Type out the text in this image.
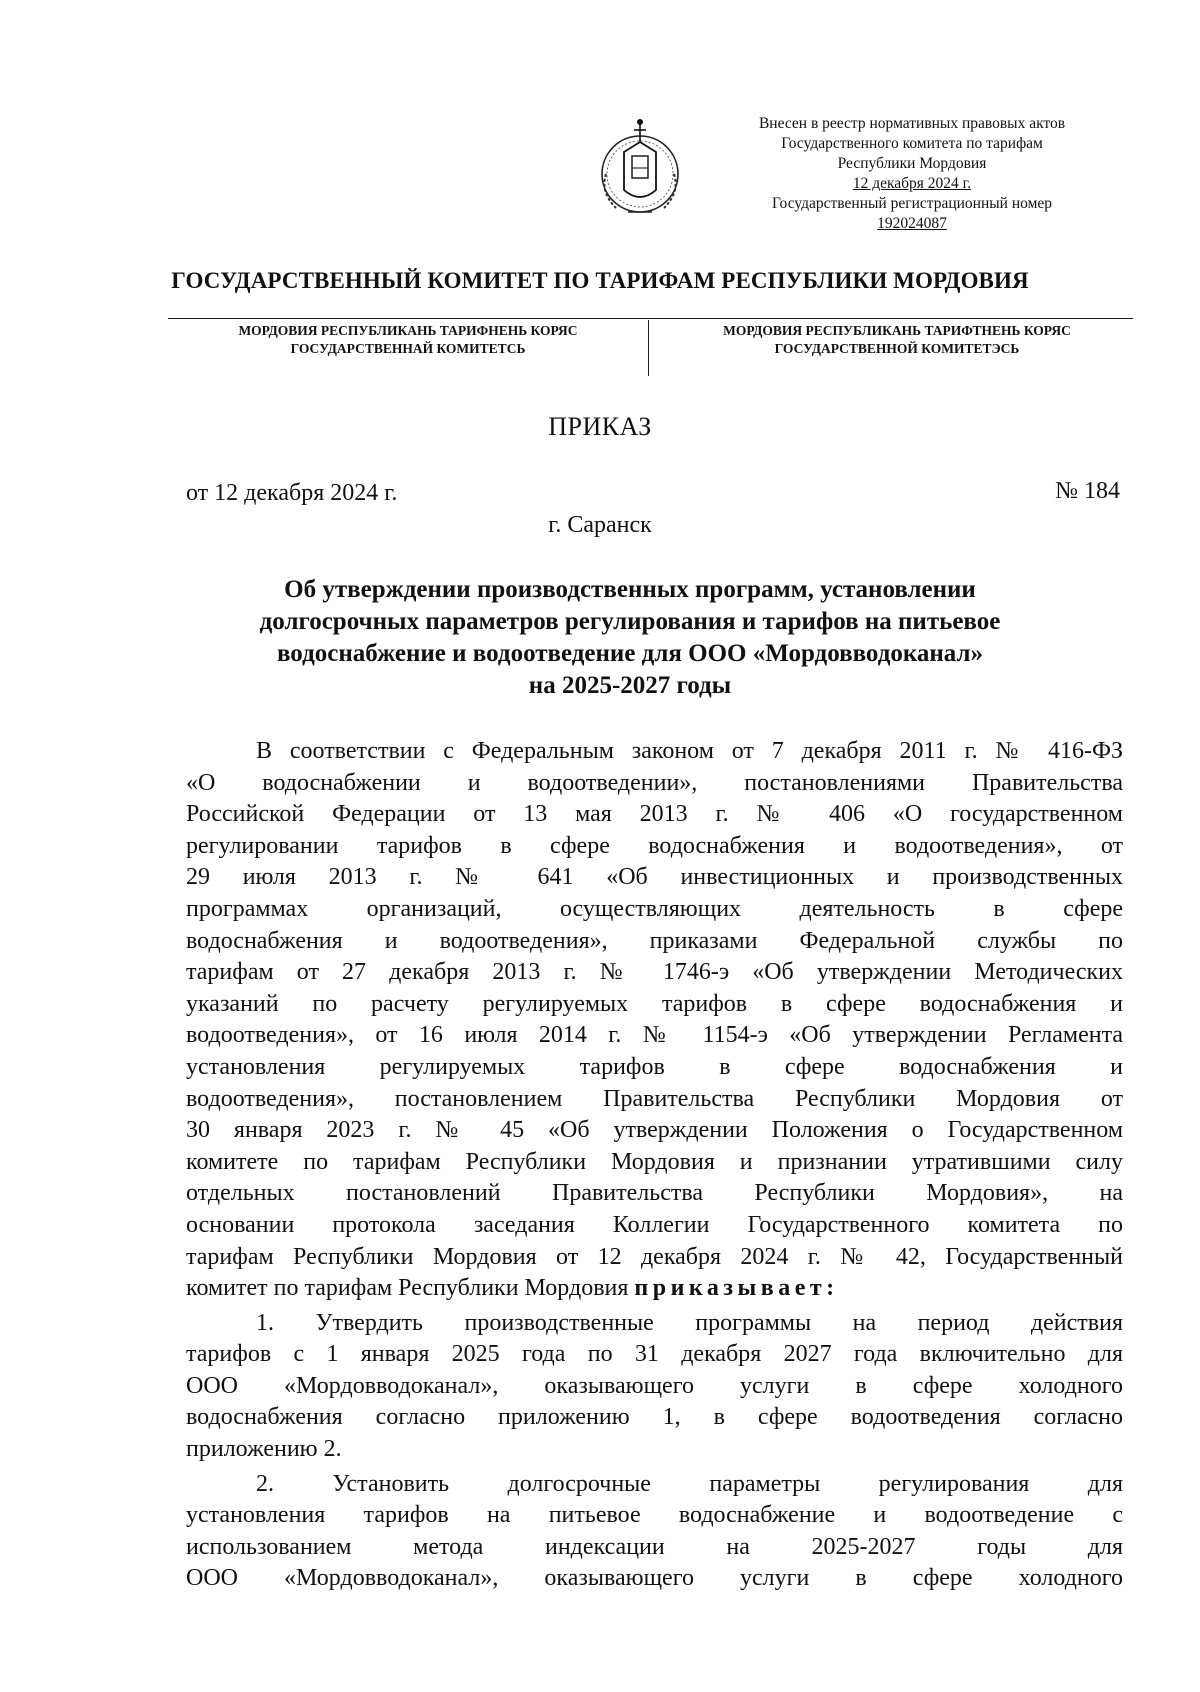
Внесен в реестр нормативных правовых актов
Государственного комитета по тарифам
Республики Мордовия
12 декабря 2024 г.
Государственный регистрационный номер
192024087
ГОСУДАРСТВЕННЫЙ КОМИТЕТ ПО ТАРИФАМ РЕСПУБЛИКИ МОРДОВИЯ
МОРДОВИЯ РЕСПУБЛИКАНЬ ТАРИФНЕНЬ КОРЯС
ГОСУДАРСТВЕННАЙ КОМИТЕТСЬ
МОРДОВИЯ РЕСПУБЛИКАНЬ ТАРИФТНЕНЬ КОРЯС
ГОСУДАРСТВЕННОЙ КОМИТЕТЭСЬ
ПРИКАЗ
от 12 декабря 2024 г.	№ 184
г. Саранск
Об утверждении производственных программ, установлении
долгосрочных параметров регулирования и тарифов на питьевое
водоснабжение и водоотведение для ООО «Мордовводоканал»
на 2025-2027 годы
В соответствии с Федеральным законом от 7 декабря 2011 г. № 416-ФЗ
«О водоснабжении и водоотведении», постановлениями Правительства
Российской Федерации от 13 мая 2013 г. № 406 «О государственном
регулировании тарифов в сфере водоснабжения и водоотведения», от
29 июля 2013 г. № 641 «Об инвестиционных и производственных
программах организаций, осуществляющих деятельность в сфере
водоснабжения и водоотведения», приказами Федеральной службы по
тарифам от 27 декабря 2013 г. № 1746-э «Об утверждении Методических
указаний по расчету регулируемых тарифов в сфере водоснабжения и
водоотведения», от 16 июля 2014 г. № 1154-э «Об утверждении Регламента
установления регулируемых тарифов в сфере водоснабжения и
водоотведения», постановлением Правительства Республики Мордовия от
30 января 2023 г. № 45 «Об утверждении Положения о Государственном
комитете по тарифам Республики Мордовия и признании утратившими силу
отдельных постановлений Правительства Республики Мордовия», на
основании протокола заседания Коллегии Государственного комитета по
тарифам Республики Мордовия от 12 декабря 2024 г. № 42, Государственный
комитет по тарифам Республики Мордовия приказывает:
1. Утвердить производственные программы на период действия
тарифов с 1 января 2025 года по 31 декабря 2027 года включительно для
ООО «Мордовводоканал», оказывающего услуги в сфере холодного
водоснабжения согласно приложению 1, в сфере водоотведения согласно
приложению 2.
2. Установить долгосрочные параметры регулирования для
установления тарифов на питьевое водоснабжение и водоотведение с
использованием метода индексации на 2025-2027 годы для
ООО «Мордовводоканал», оказывающего услуги в сфере холодного
